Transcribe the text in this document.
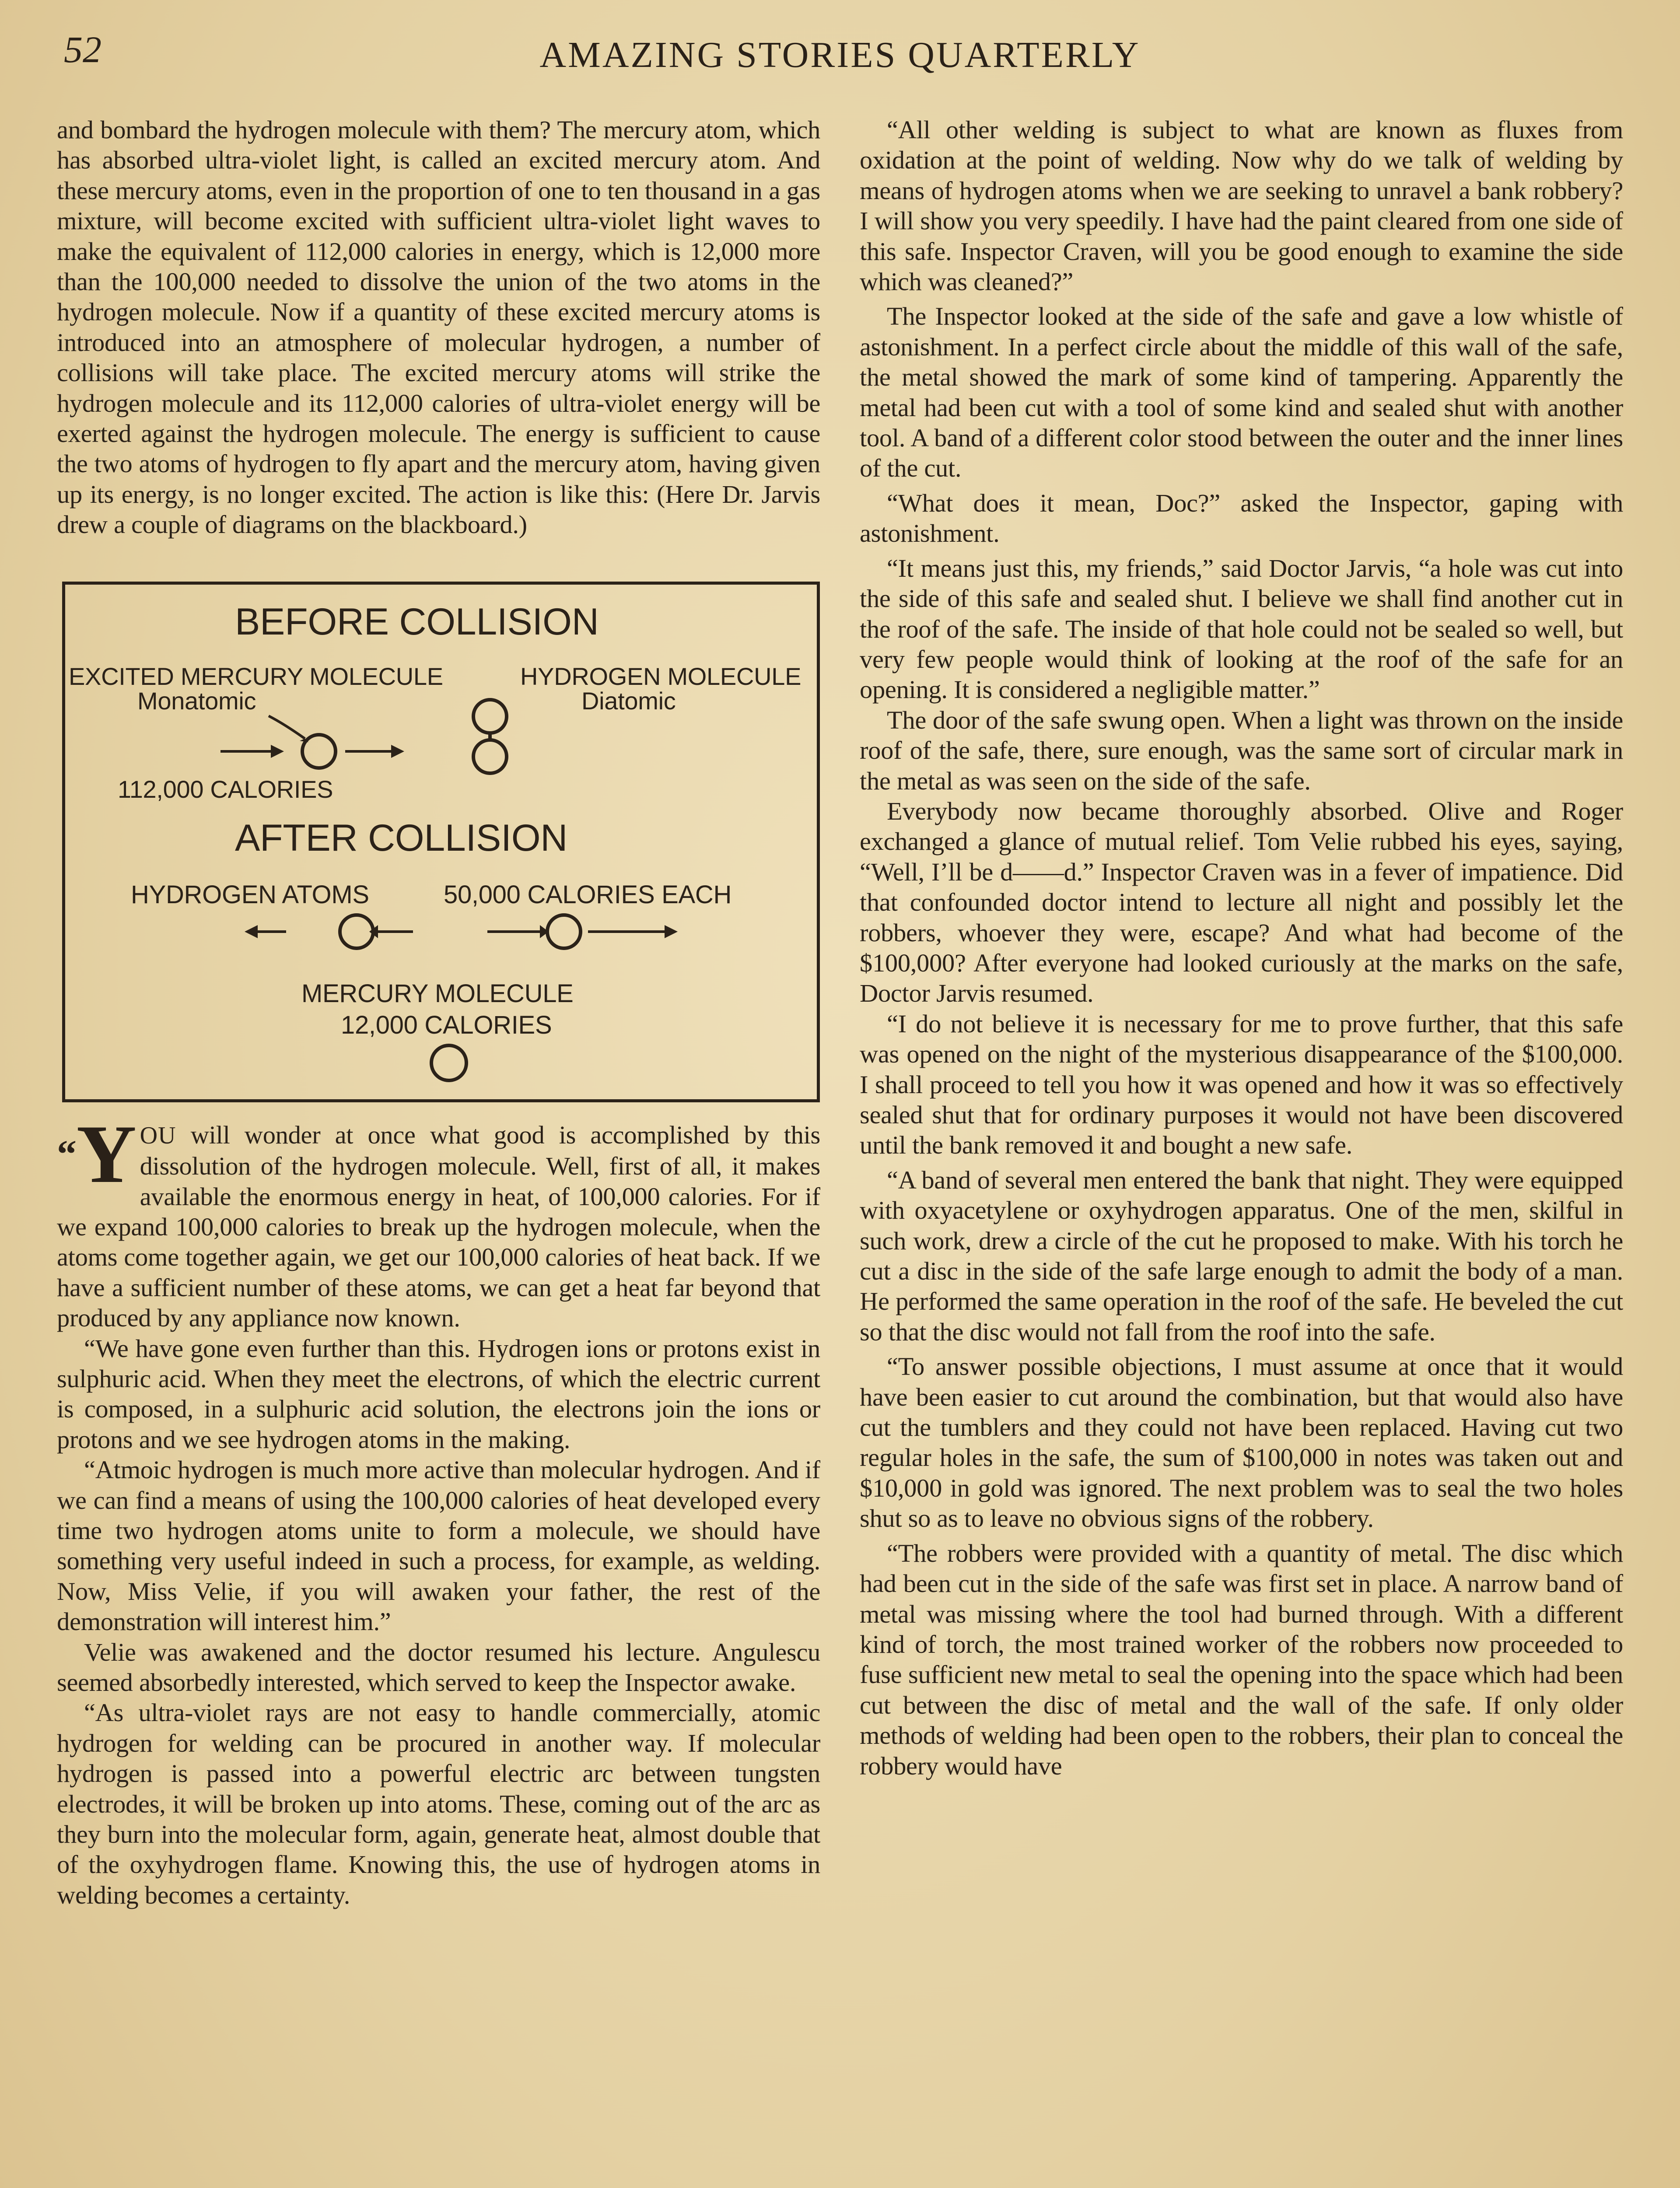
52	AMAZING STORIES QUARTERLY

and bombard the hydrogen molecule with them? The mercury atom, which has absorbed ultra-violet light, is called an excited mercury atom. And these mercury atoms, even in the proportion of one to ten thousand in a gas mixture, will become excited with sufficient ultra-violet light waves to make the equivalent of 112,000 calories in energy, which is 12,000 more than the 100,000 needed to dissolve the union of the two atoms in the hydrogen molecule. Now if a quantity of these excited mercury atoms is introduced into an atmosphere of molecular hydrogen, a number of collisions will take place. The excited mercury atoms will strike the hydrogen molecule and its 112,000 calories of ultra-violet energy will be exerted against the hydrogen molecule. The energy is sufficient to cause the two atoms of hydrogen to fly apart and the mercury atom, having given up its energy, is no longer excited. The action is like this: (Here Dr. Jarvis drew a couple of diagrams on the blackboard.)

BEFORE COLLISION
EXCITED MERCURY MOLECULE
Monatomic
HYDROGEN MOLECULE
Diatomic
112,000 CALORIES
AFTER COLLISION
HYDROGEN ATOMS	50,000 CALORIES EACH
MERCURY MOLECULE
12,000 CALORIES

“Y OU will wonder at once what good is accomplished by this dissolution of the hydrogen molecule. Well, first of all, it makes available the enormous energy in heat, of 100,000 calories. For if we expand 100,000 calories to break up the hydrogen molecule, when the atoms come together again, we get our 100,000 calories of heat back. If we have a sufficient number of these atoms, we can get a heat far beyond that produced by any appliance now known.

“We have gone even further than this. Hydrogen ions or protons exist in sulphuric acid. When they meet the electrons, of which the electric current is composed, in a sulphuric acid solution, the electrons join the ions or protons and we see hydrogen atoms in the making.

“Atmoic hydrogen is much more active than molecular hydrogen. And if we can find a means of using the 100,000 calories of heat developed every time two hydrogen atoms unite to form a molecule, we should have something very useful indeed in such a process, for example, as welding. Now, Miss Velie, if you will awaken your father, the rest of the demonstration will interest him.”

Velie was awakened and the doctor resumed his lecture. Angulescu seemed absorbedly interested, which served to keep the Inspector awake.

“As ultra-violet rays are not easy to handle commercially, atomic hydrogen for welding can be procured in another way. If molecular hydrogen is passed into a powerful electric arc between tungsten electrodes, it will be broken up into atoms. These, coming out of the arc as they burn into the molecular form, again, generate heat, almost double that of the oxyhydrogen flame. Knowing this, the use of hydrogen atoms in welding becomes a certainty.

“All other welding is subject to what are known as fluxes from oxidation at the point of welding. Now why do we talk of welding by means of hydrogen atoms when we are seeking to unravel a bank robbery? I will show you very speedily. I have had the paint cleared from one side of this safe. Inspector Craven, will you be good enough to examine the side which was cleaned?”

The Inspector looked at the side of the safe and gave a low whistle of astonishment. In a perfect circle about the middle of this wall of the safe, the metal showed the mark of some kind of tampering. Apparently the metal had been cut with a tool of some kind and sealed shut with another tool. A band of a different color stood between the outer and the inner lines of the cut.

“What does it mean, Doc?” asked the Inspector, gaping with astonishment.

“It means just this, my friends,” said Doctor Jarvis, “a hole was cut into the side of this safe and sealed shut. I believe we shall find another cut in the roof of the safe. The inside of that hole could not be sealed so well, but very few people would think of looking at the roof of the safe for an opening. It is considered a negligible matter.”

The door of the safe swung open. When a light was thrown on the inside roof of the safe, there, sure enough, was the same sort of circular mark in the metal as was seen on the side of the safe.

Everybody now became thoroughly absorbed. Olive and Roger exchanged a glance of mutual relief. Tom Velie rubbed his eyes, saying, “Well, I’ll be d——d.” Inspector Craven was in a fever of impatience. Did that confounded doctor intend to lecture all night and possibly let the robbers, whoever they were, escape? And what had become of the $100,000? After everyone had looked curiously at the marks on the safe, Doctor Jarvis resumed.

“I do not believe it is necessary for me to prove further, that this safe was opened on the night of the mysterious disappearance of the $100,000. I shall proceed to tell you how it was opened and how it was so effectively sealed shut that for ordinary purposes it would not have been discovered until the bank removed it and bought a new safe.

“A band of several men entered the bank that night. They were equipped with oxyacetylene or oxyhydrogen apparatus. One of the men, skilful in such work, drew a circle of the cut he proposed to make. With his torch he cut a disc in the side of the safe large enough to admit the body of a man. He performed the same operation in the roof of the safe. He beveled the cut so that the disc would not fall from the roof into the safe.

“To answer possible objections, I must assume at once that it would have been easier to cut around the combination, but that would also have cut the tumblers and they could not have been replaced. Having cut two regular holes in the safe, the sum of $100,000 in notes was taken out and $10,000 in gold was ignored. The next problem was to seal the two holes shut so as to leave no obvious signs of the robbery.

“The robbers were provided with a quantity of metal. The disc which had been cut in the side of the safe was first set in place. A narrow band of metal was missing where the tool had burned through. With a different kind of torch, the most trained worker of the robbers now proceeded to fuse sufficient new metal to seal the opening into the space which had been cut between the disc of metal and the wall of the safe. If only older methods of welding had been open to the robbers, their plan to conceal the robbery would have
